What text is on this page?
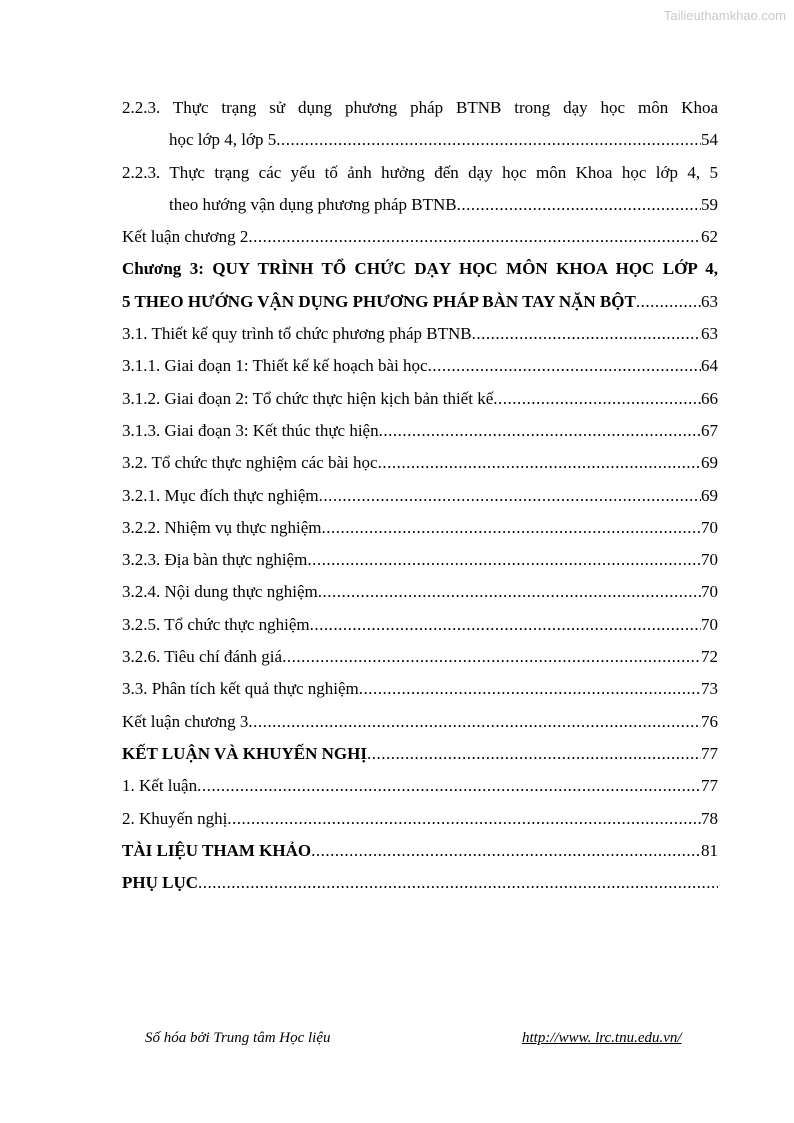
Tailieuthamkhao.com
2.2.3. Thực trạng sử dụng phương pháp BTNB trong dạy học môn Khoa
học lớp 4, lớp 5 .....	54
2.2.3. Thực trạng các yếu tố ảnh hưởng đến dạy học môn Khoa học lớp 4, 5
theo hướng vận dụng phương pháp BTNB .....	59
Kết luận chương 2 .....	62
Chương 3: QUY TRÌNH TỔ CHỨC DẠY HỌC MÔN KHOA HỌC LỚP 4,
5 THEO HƯỚNG VẬN DỤNG PHƯƠNG PHÁP BÀN TAY NẶN BỘT .....	63
3.1. Thiết kế quy trình tổ chức phương pháp BTNB .....	63
3.1.1. Giai đoạn 1: Thiết kế kế hoạch bài học .....	64
3.1.2. Giai đoạn 2: Tổ chức thực hiện kịch bản thiết kế .....	66
3.1.3. Giai đoạn 3: Kết thúc thực hiện .....	67
3.2. Tổ chức thực nghiệm các bài học .....	69
3.2.1. Mục đích thực nghiệm .....	69
3.2.2. Nhiệm vụ thực nghiệm .....	70
3.2.3. Địa bàn thực nghiệm .....	70
3.2.4. Nội dung thực nghiệm .....	70
3.2.5. Tổ chức thực nghiệm .....	70
3.2.6. Tiêu chí đánh giá .....	72
3.3. Phân tích kết quả thực nghiệm .....	73
Kết luận chương 3 .....	76
KẾT LUẬN VÀ KHUYẾN NGHỊ .....	77
1. Kết luận .....	77
2. Khuyến nghị .....	78
TÀI LIỆU THAM KHẢO .....	81
PHỤ LỤC
.....
Số hóa bởi Trung tâm Học liệu	http://www. lrc.tnu.edu.vn/
